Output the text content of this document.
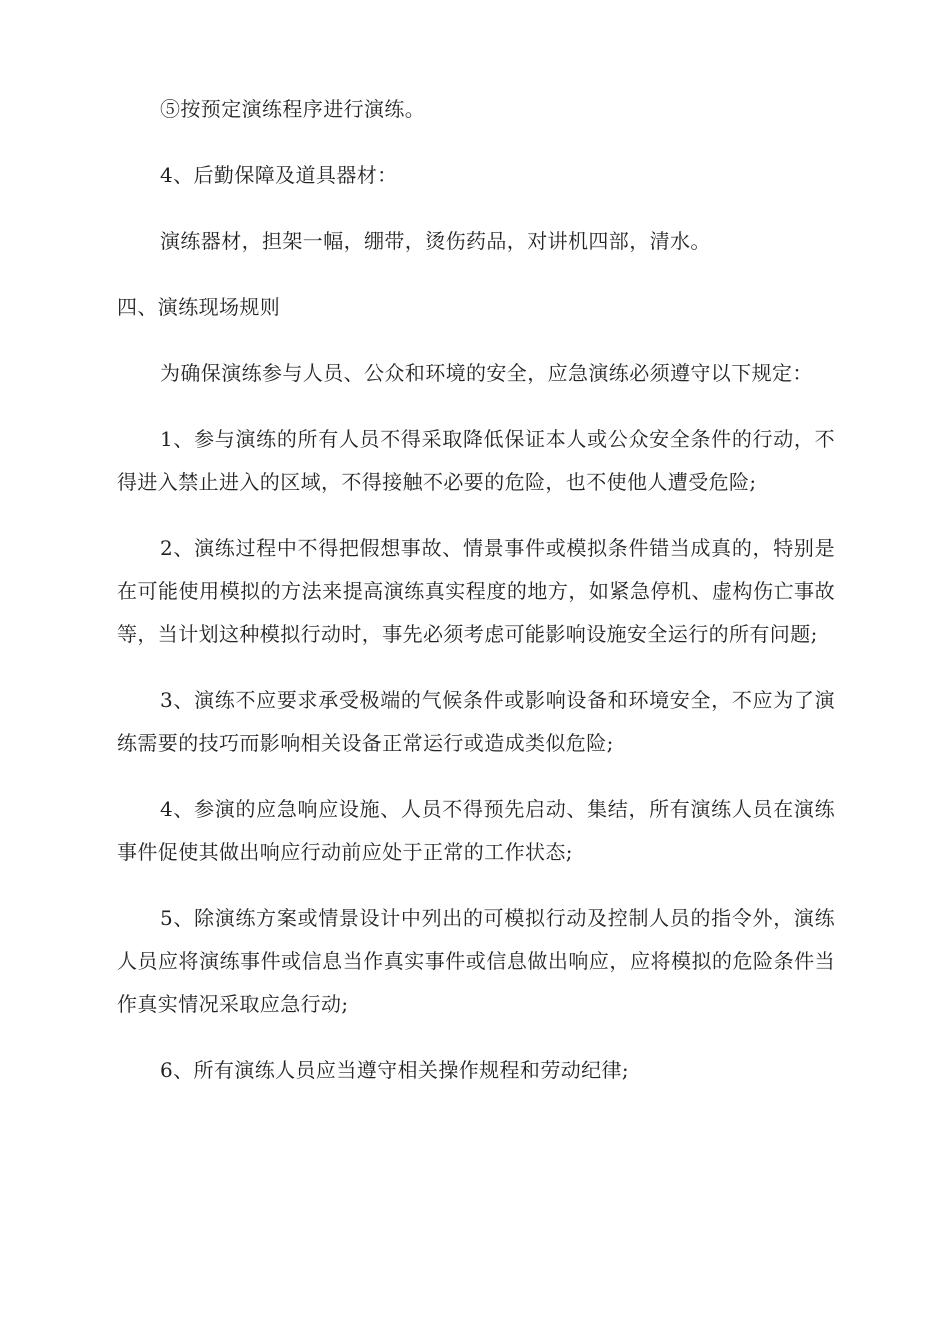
⑤按预定演练程序进行演练。

4、后勤保障及道具器材：

演练器材，担架一幅，绷带，烫伤药品，对讲机四部，清水。

四、演练现场规则

为确保演练参与人员、公众和环境的安全，应急演练必须遵守以下规定：

1、参与演练的所有人员不得采取降低保证本人或公众安全条件的行动，不得进入禁止进入的区域，不得接触不必要的危险，也不使他人遭受危险;

2、演练过程中不得把假想事故、情景事件或模拟条件错当成真的，特别是在可能使用模拟的方法来提高演练真实程度的地方，如紧急停机、虚构伤亡事故等，当计划这种模拟行动时，事先必须考虑可能影响设施安全运行的所有问题;

3、演练不应要求承受极端的气候条件或影响设备和环境安全，不应为了演练需要的技巧而影响相关设备正常运行或造成类似危险;

4、参演的应急响应设施、人员不得预先启动、集结，所有演练人员在演练事件促使其做出响应行动前应处于正常的工作状态;

5、除演练方案或情景设计中列出的可模拟行动及控制人员的指令外，演练人员应将演练事件或信息当作真实事件或信息做出响应，应将模拟的危险条件当作真实情况采取应急行动;

6、所有演练人员应当遵守相关操作规程和劳动纪律;
